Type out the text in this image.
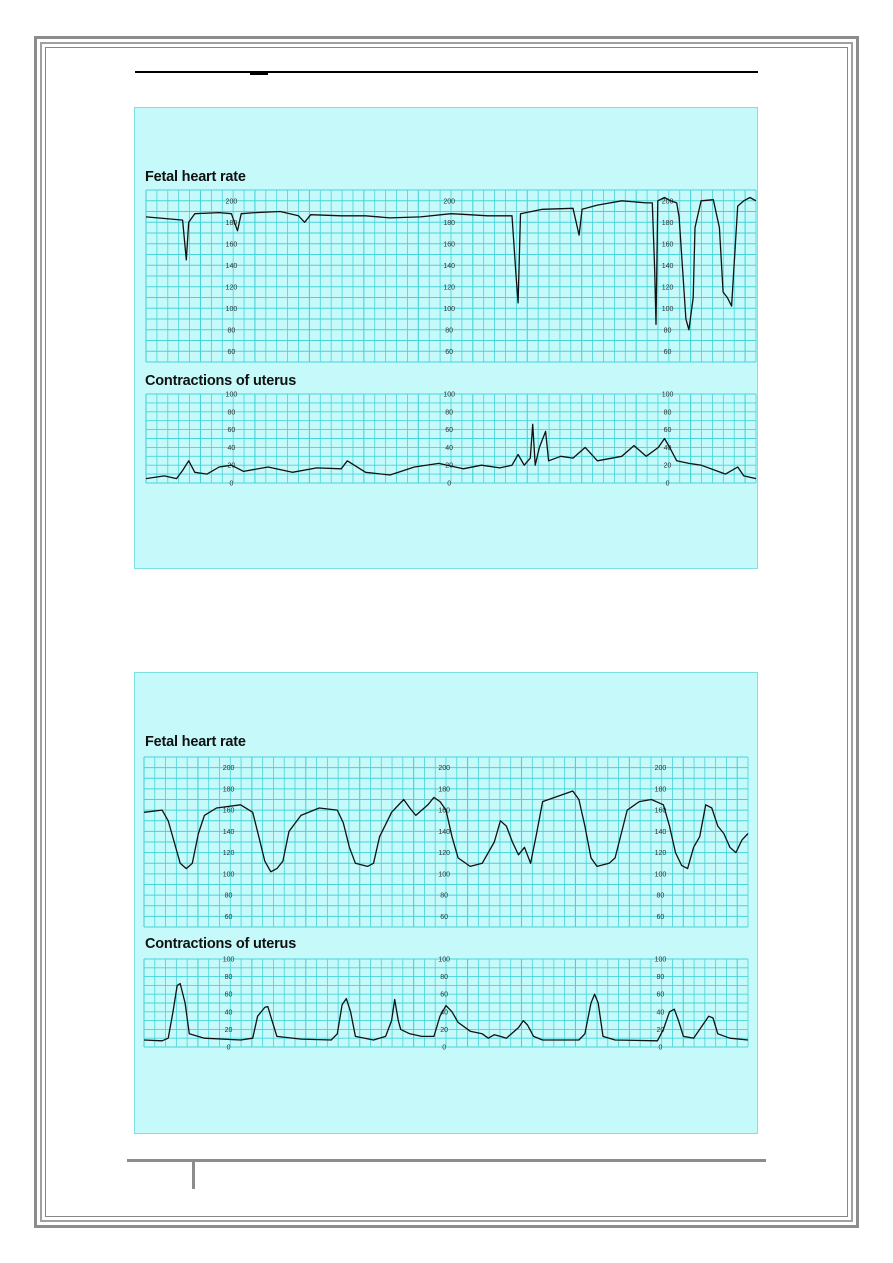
Fetal heart rate
Contractions of uterus
60
80
100
120
140
160
180
200
60
80
100
120
140
160
180
200
60
80
100
120
140
160
180
200
0
20
40
60
80
100
0
20
40
60
80
100
0
20
40
60
80
100
Fetal heart rate
Contractions of uterus
60
80
100
120
140
160
180
200
60
80
100
120
140
160
180
200
60
80
100
120
140
160
180
200
0
20
40
60
80
100
0
20
40
60
80
100
0
20
40
60
80
100
